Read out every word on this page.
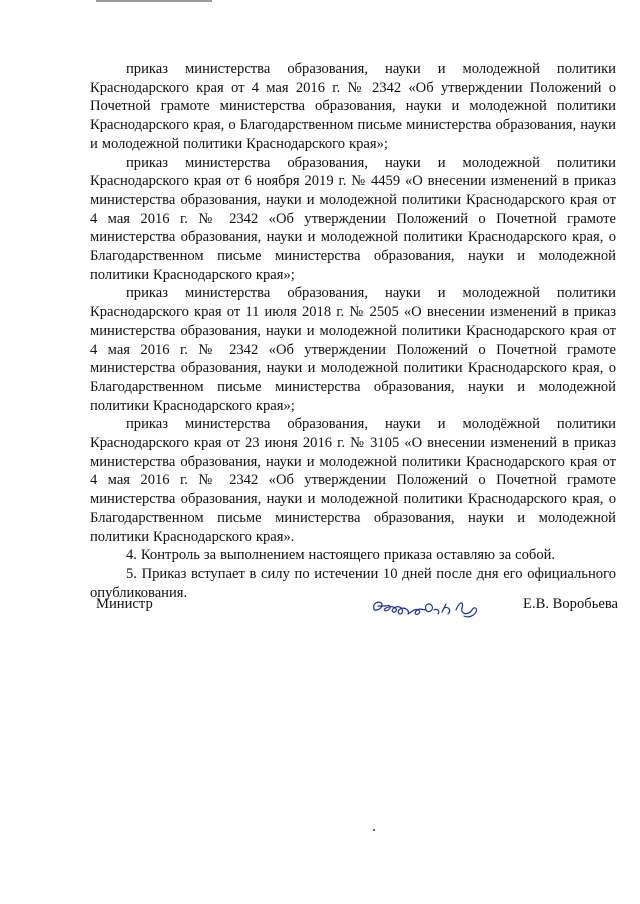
приказ министерства образования, науки и молодежной политики Краснодарского края от 4 мая 2016 г. № 2342 «Об утверждении Положений о Почетной грамоте министерства образования, науки и молодежной политики Краснодарского края, о Благодарственном письме министерства образования, науки и молодежной политики Краснодарского края»;

приказ министерства образования, науки и молодежной политики Краснодарского края от 6 ноября 2019 г. № 4459 «О внесении изменений в приказ министерства образования, науки и молодежной политики Краснодарского края от 4 мая 2016 г. № 2342 «Об утверждении Положений о Почетной грамоте министерства образования, науки и молодежной политики Краснодарского края, о Благодарственном письме министерства образования, науки и молодежной политики Краснодарского края»;

приказ министерства образования, науки и молодежной политики Краснодарского края от 11 июля 2018 г. № 2505 «О внесении изменений в приказ министерства образования, науки и молодежной политики Краснодарского края от 4 мая 2016 г. № 2342 «Об утверждении Положений о Почетной грамоте министерства образования, науки и молодежной политики Краснодарского края, о Благодарственном письме министерства образования, науки и молодежной политики Краснодарского края»;

приказ министерства образования, науки и молодёжной политики Краснодарского края от 23 июня 2016 г. № 3105 «О внесении изменений в приказ министерства образования, науки и молодежной политики Краснодарского края от 4 мая 2016 г. № 2342 «Об утверждении Положений о Почетной грамоте министерства образования, науки и молодежной политики Краснодарского края, о Благодарственном письме министерства образования, науки и молодежной политики Краснодарского края».

4. Контроль за выполнением настоящего приказа оставляю за собой.

5. Приказ вступает в силу по истечении 10 дней после дня его официального опубликования.

Министр	Е.В. Воробьева
